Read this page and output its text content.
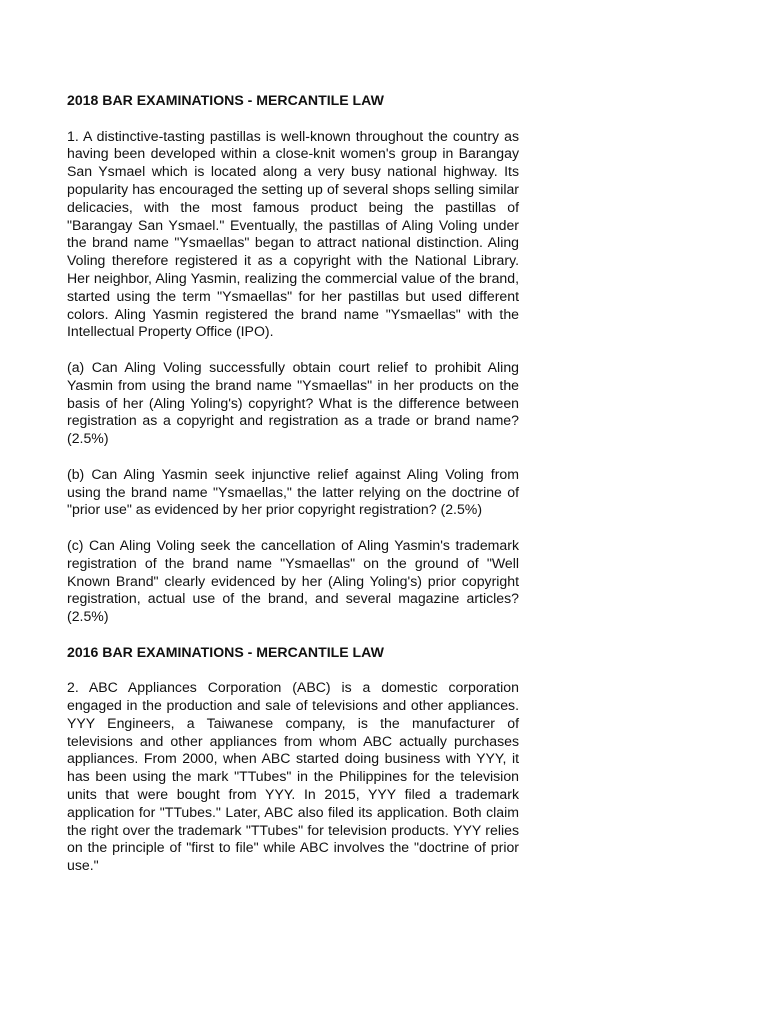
2018 BAR EXAMINATIONS - MERCANTILE LAW

1. A distinctive-tasting pastillas is well-known throughout the country as having been developed within a close-knit women's group in Barangay San Ysmael which is located along a very busy national highway. Its popularity has encouraged the setting up of several shops selling similar delicacies, with the most famous product being the pastillas of "Barangay San Ysmael." Eventually, the pastillas of Aling Voling under the brand name "Ysmaellas" began to attract national distinction. Aling Voling therefore registered it as a copyright with the National Library. Her neighbor, Aling Yasmin, realizing the commercial value of the brand, started using the term "Ysmaellas" for her pastillas but used different colors. Aling Yasmin registered the brand name "Ysmaellas" with the Intellectual Property Office (IPO).

(a) Can Aling Voling successfully obtain court relief to prohibit Aling Yasmin from using the brand name "Ysmaellas" in her products on the basis of her (Aling Yoling's) copyright? What is the difference between registration as a copyright and registration as a trade or brand name? (2.5%)

(b) Can Aling Yasmin seek injunctive relief against Aling Voling from using the brand name "Ysmaellas," the latter relying on the doctrine of "prior use" as evidenced by her prior copyright registration? (2.5%)

(c) Can Aling Voling seek the cancellation of Aling Yasmin's trademark registration of the brand name "Ysmaellas" on the ground of "Well Known Brand" clearly evidenced by her (Aling Yoling's) prior copyright registration, actual use of the brand, and several magazine articles? (2.5%)

2016 BAR EXAMINATIONS - MERCANTILE LAW

2. ABC Appliances Corporation (ABC) is a domestic corporation engaged in the production and sale of televisions and other appliances. YYY Engineers, a Taiwanese company, is the manufacturer of televisions and other appliances from whom ABC actually purchases appliances. From 2000, when ABC started doing business with YYY, it has been using the mark "TTubes" in the Philippines for the television units that were bought from YYY. In 2015, YYY filed a trademark application for "TTubes." Later, ABC also filed its application. Both claim the right over the trademark "TTubes" for television products. YYY relies on the principle of "first to file" while ABC involves the "doctrine of prior use."
